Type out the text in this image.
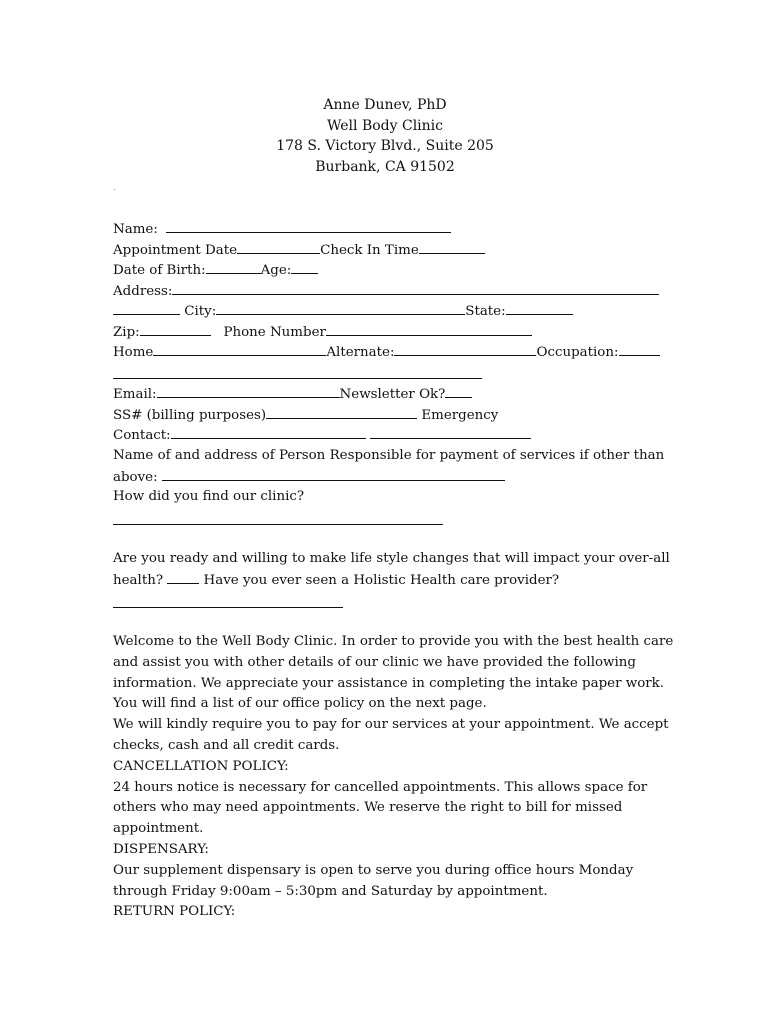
Anne Dunev, PhD
Well Body Clinic
178 S. Victory Blvd., Suite 205
Burbank, CA 91502
Name:
Appointment Date	Check In Time
Date of Birth:	Age:
Address:
City:	State:
Zip:	Phone Number
Home	Alternate:	Occupation:
Email:	Newsletter Ok?
SS# (billing purposes)	Emergency
Contact:
Name of and address of Person Responsible for payment of services if other than
above:
How did you find our clinic?
Are you ready and willing to make life style changes that will impact your over-all
health?	Have you ever seen a Holistic Health care provider?
Welcome to the Well Body Clinic. In order to provide you with the best health care
and assist you with other details of our clinic we have provided the following
information. We appreciate your assistance in completing the intake paper work.
You will find a list of our office policy on the next page.
We will kindly require you to pay for our services at your appointment. We accept
checks, cash and all credit cards.
CANCELLATION POLICY:
24 hours notice is necessary for cancelled appointments. This allows space for
others who may need appointments. We reserve the right to bill for missed
appointment.
DISPENSARY:
Our supplement dispensary is open to serve you during office hours Monday
through Friday 9:00am – 5:30pm and Saturday by appointment.
RETURN POLICY:
